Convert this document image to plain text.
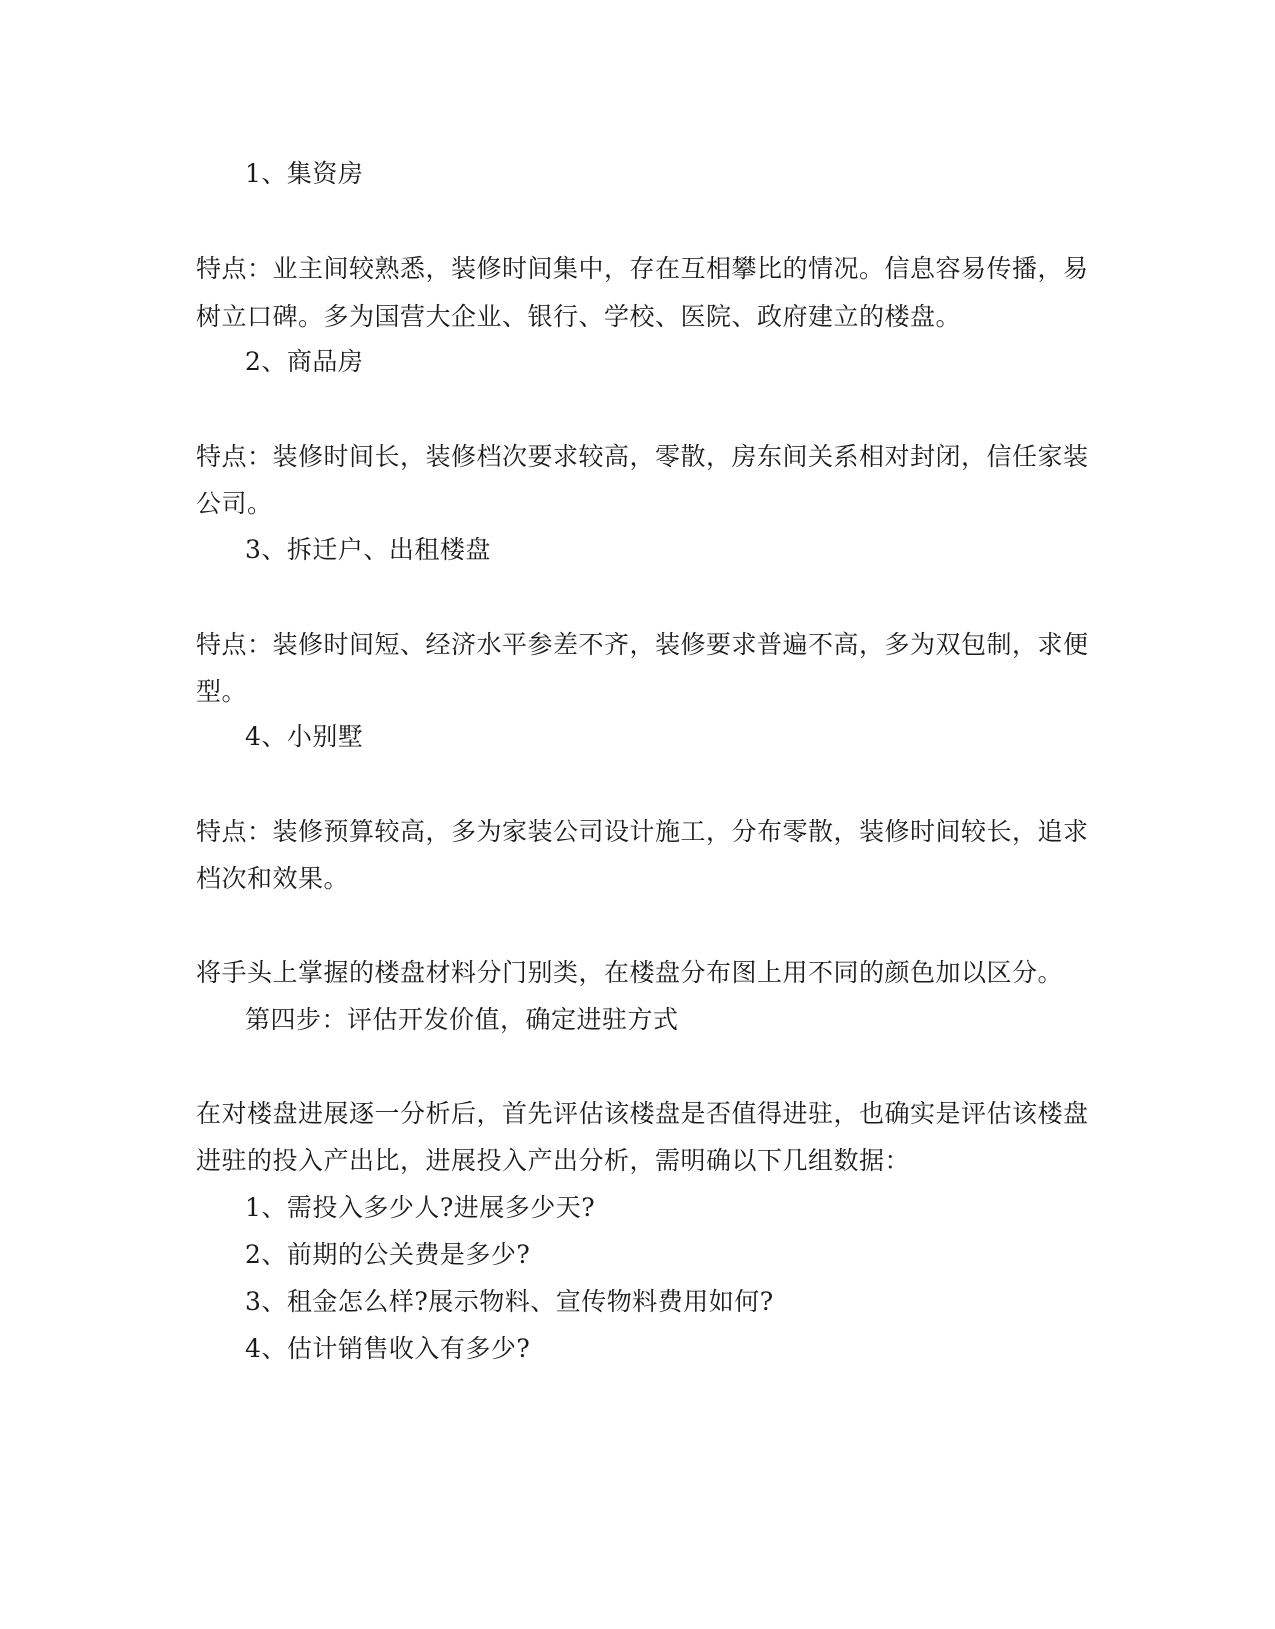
1、集资房
特点：业主间较熟悉，装修时间集中，存在互相攀比的情况。信息容易传播，易
树立口碑。多为国营大企业、银行、学校、医院、政府建立的楼盘。
2、商品房
特点：装修时间长，装修档次要求较高，零散，房东间关系相对封闭，信任家装
公司。
3、拆迁户、出租楼盘
特点：装修时间短、经济水平参差不齐，装修要求普遍不高，多为双包制，求便
型。
4、小别墅
特点：装修预算较高，多为家装公司设计施工，分布零散，装修时间较长，追求
档次和效果。
将手头上掌握的楼盘材料分门别类，在楼盘分布图上用不同的颜色加以区分。
第四步：评估开发价值，确定进驻方式
在对楼盘进展逐一分析后，首先评估该楼盘是否值得进驻，也确实是评估该楼盘
进驻的投入产出比，进展投入产出分析，需明确以下几组数据：
1、需投入多少人?进展多少天?
2、前期的公关费是多少?
3、租金怎么样?展示物料、宣传物料费用如何?
4、估计销售收入有多少?
